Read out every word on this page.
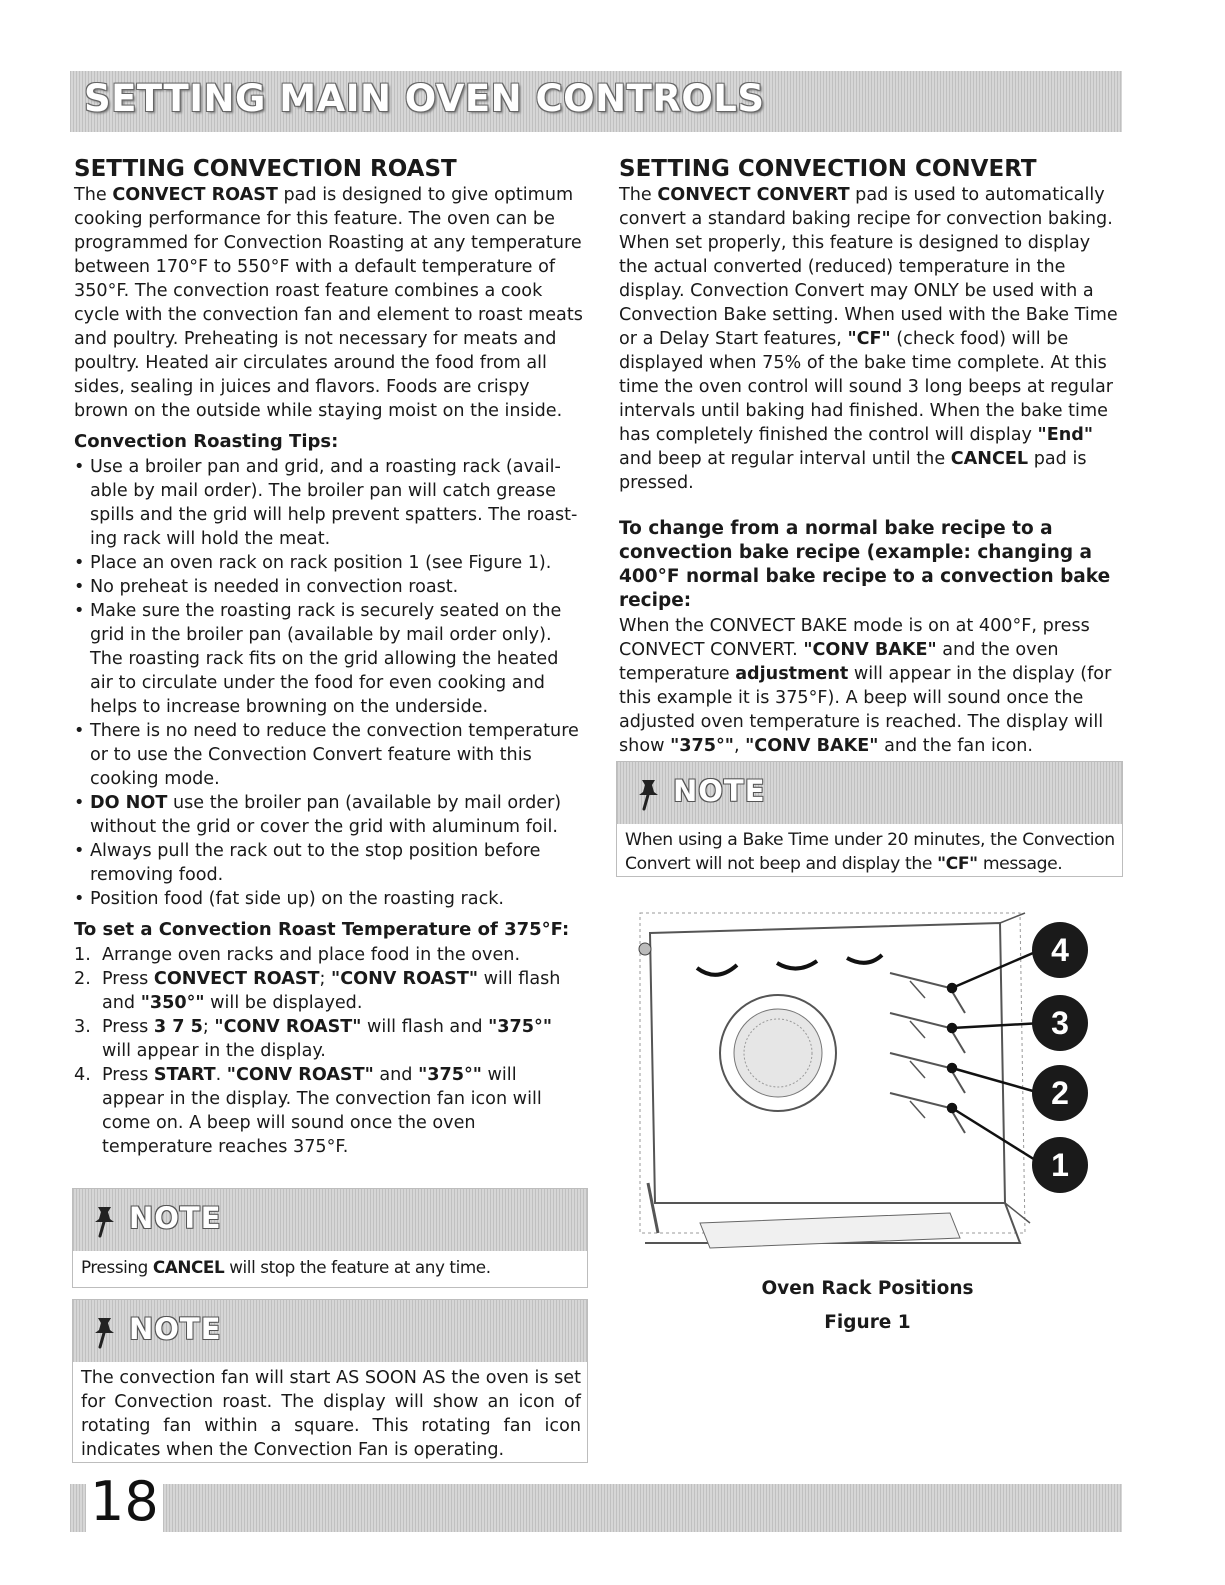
SETTING MAIN OVEN CONTROLS
SETTING CONVECTION ROAST

The CONVECT ROAST pad is designed to give optimum cooking performance for this feature. The oven can be programmed for Convection Roasting at any temperature between 170°F to 550°F with a default temperature of 350°F. The convection roast feature combines a cook cycle with the convection fan and element to roast meats and poultry. Preheating is not necessary for meats and poultry. Heated air circulates around the food from all sides, sealing in juices and flavors. Foods are crispy brown on the outside while staying moist on the inside.

Convection Roasting Tips:
• Use a broiler pan and grid, and a roasting rack (avail-able by mail order). The broiler pan will catch grease spills and the grid will help prevent spatters. The roast-ing rack will hold the meat.
• Place an oven rack on rack position 1 (see Figure 1).
• No preheat is needed in convection roast.
• Make sure the roasting rack is securely seated on the grid in the broiler pan (available by mail order only). The roasting rack fits on the grid allowing the heated air to circulate under the food for even cooking and helps to increase browning on the underside.
• There is no need to reduce the convection temperature or to use the Convection Convert feature with this cooking mode.
• DO NOT use the broiler pan (available by mail order) without the grid or cover the grid with aluminum foil.
• Always pull the rack out to the stop position before removing food.
• Position food (fat side up) on the roasting rack.
To set a Convection Roast Temperature of 375°F:
1. Arrange oven racks and place food in the oven.
2. Press CONVECT ROAST; "CONV ROAST" will flash and "350°" will be displayed.
3. Press 3 7 5; "CONV ROAST" will flash and "375°" will appear in the display.
4. Press START. "CONV ROAST" and "375°" will appear in the display. The convection fan icon will come on. A beep will sound once the oven temperature reaches 375°F.
NOTE
Pressing CANCEL will stop the feature at any time.
NOTE
The convection fan will start AS SOON AS the oven is set for Convection roast. The display will show an icon of rotating fan within a square. This rotating fan icon indicates when the Convection Fan is operating.
SETTING CONVECTION CONVERT

The CONVECT CONVERT pad is used to automatically convert a standard baking recipe for convection baking. When set properly, this feature is designed to display the actual converted (reduced) temperature in the display. Convection Convert may ONLY be used with a Convection Bake setting. When used with the Bake Time or a Delay Start features, "CF" (check food) will be displayed when 75% of the bake time complete. At this time the oven control will sound 3 long beeps at regular intervals until baking had finished. When the bake time has completely finished the control will display "End" and beep at regular interval until the CANCEL pad is pressed.

To change from a normal bake recipe to a convection bake recipe (example: changing a 400°F normal bake recipe to a convection bake recipe:

When the CONVECT BAKE mode is on at 400°F, press CONVECT CONVERT. "CONV BAKE" and the oven temperature adjustment will appear in the display (for this example it is 375°F). A beep will sound once the adjusted oven temperature is reached. The display will show "375°", "CONV BAKE" and the fan icon.

NOTE
When using a Bake Time under 20 minutes, the Convection Convert will not beep and display the "CF" message.
4
3
2
1
Oven Rack Positions
Figure 1
18
